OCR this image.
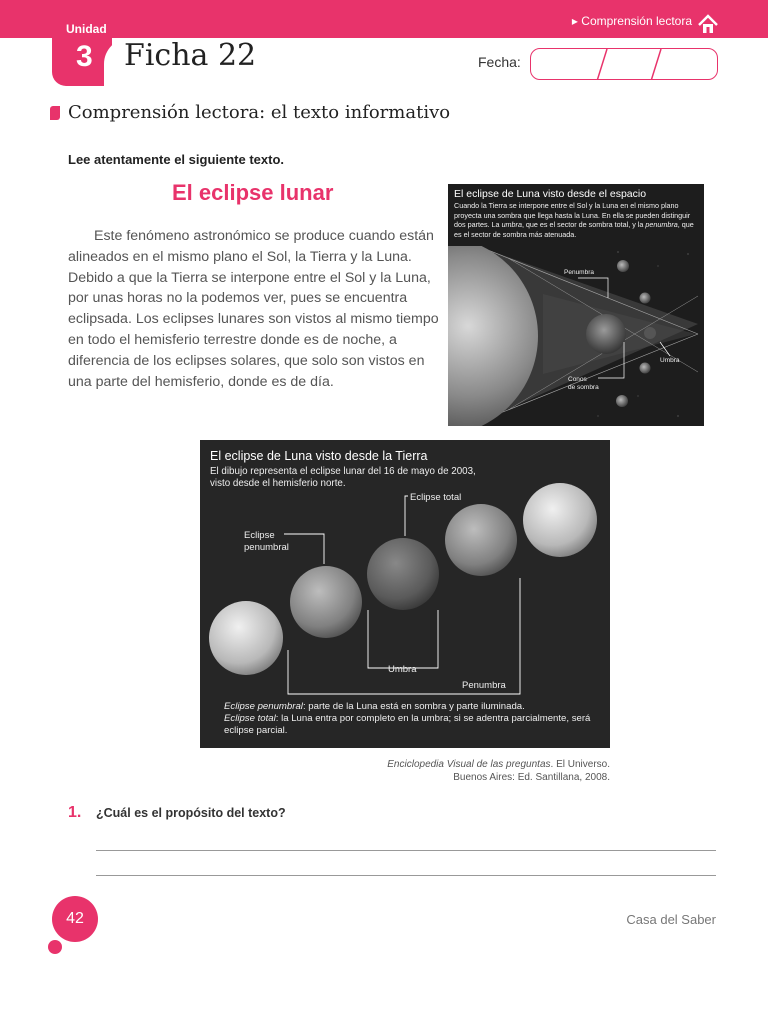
Unidad
3 Ficha 22
▸ Comprensión lectora
Fecha:
Comprensión lectora: el texto informativo
Lee atentamente el siguiente texto.
El eclipse lunar
Este fenómeno astronómico se produce cuando están alineados en el mismo plano el Sol, la Tierra y la Luna. Debido a que la Tierra se interpone entre el Sol y la Luna, por unas horas no la podemos ver, pues se encuentra eclipsada. Los eclipses lunares son vistos al mismo tiempo en todo el hemisferio terrestre donde es de noche, a diferencia de los eclipses solares, que solo son vistos en una parte del hemisferio, donde es de día.
El eclipse de Luna visto desde el espacio
Cuando la Tierra se interpone entre el Sol y la Luna en el mismo plano proyecta una sombra que llega hasta la Luna. En ella se pueden distinguir dos partes. La umbra, que es el sector de sombra total, y la penumbra, que es el sector de sombra más atenuada.
Penumbra
Umbra
Conos
de sombra
El eclipse de Luna visto desde la Tierra
El dibujo representa el eclipse lunar del 16 de mayo de 2003,
visto desde el hemisferio norte.
Eclipse total
Eclipse
penumbral
Umbra
Penumbra
Eclipse penumbral: parte de la Luna está en sombra y parte iluminada.
Eclipse total: la Luna entra por completo en la umbra; si se adentra parcialmente, será eclipse parcial.
Enciclopedia Visual de las preguntas. El Universo.
Buenos Aires: Ed. Santillana, 2008.
1. ¿Cuál es el propósito del texto?
42	Casa del Saber
